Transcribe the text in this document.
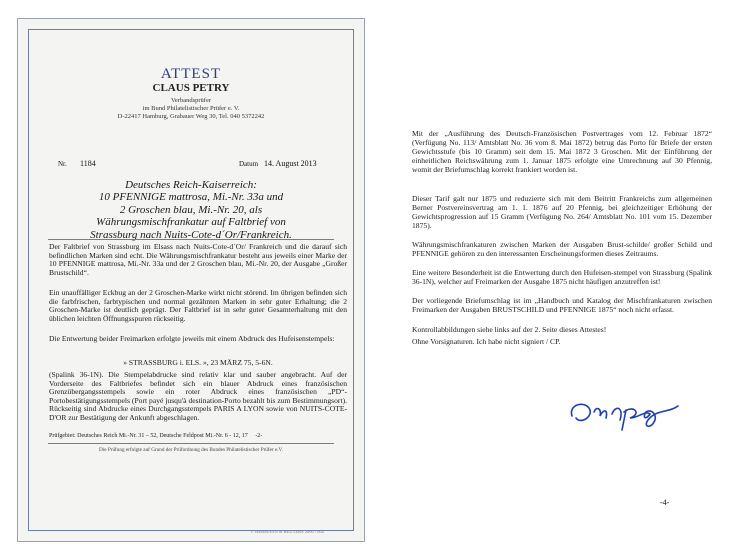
ATTEST
CLAUS PETRY
Verbandsprüfer
im Bund Philatelistischer Prüfer e. V.
D-22417 Hamburg, Grabauer Weg 30, Tel. 040 5372242
Nr. 1184	Datum 14. August 2013
Deutsches Reich-Kaiserreich:
10 PFENNIGE mattrosa, Mi.-Nr. 33a und
2 Groschen blau, Mi.-Nr. 20, als
Währungsmischfrankatur auf Faltbrief von
Strassburg nach Nuits-Cote-d´Or/Frankreich.
Der Faltbrief von Strassburg im Elsass nach Nuits-Cote-d´Or/ Frankreich und die darauf sich befindlichen Marken sind echt. Die Währungsmischfrankatur besteht aus jeweils einer Marke der 10 PFENNIGE mattrosa, Mi.-Nr. 33a und der 2 Groschen blau, Mi.-Nr. 20, der Ausgabe „Großer Brustschild“.
Ein unauffälliger Eckbug an der 2 Groschen-Marke wirkt nicht störend. Im übrigen befinden sich die farbfrischen, farbtypischen und normal gezähnten Marken in sehr guter Erhaltung; die 2 Groschen-Marke ist deutlich geprägt. Der Faltbrief ist in sehr guter Gesamterhaltung mit den üblichen leichten Öffnungsspuren rückseitig.
Die Entwertung beider Freimarken erfolgte jeweils mit einem Abdruck des Hufeisenstempels:
» STRASSBURG i. ELS. », 23 MÄRZ 75, 5-6N.
(Spalink 36-1N). Die Stempelabdrucke sind relativ klar und sauber angebracht. Auf der Vorderseite des Faltbriefes befindet sich ein blauer Abdruck eines französischen Grenzübergangsstempels sowie ein roter Abdruck eines französischen „PD“-Portobestätigungsstempels (Port payé jusqu'à destination-Porto bezahlt bis zum Bestimmungsort). Rückseitig sind Abdrucke eines Durchgangsstempels PARIS A LYON sowie von NUITS-COTE-D'OR zur Bestätigung der Ankunft abgeschlagen.
Prüfgebiet: Deutsches Reich Mi.-Nr. 31 – 52, Deutsche Feldpost Mi.-Nr. 6 - 12, 17 -2-
Die Prüfung erfolgte auf Grund der Prüfordnung des Bundes Philatelistischer Prüfer e.V.
© HERMANN & REUTERS 2000 / 002
Mit der „Ausführung des Deutsch-Französischen Postvertrages vom 12. Februar 1872“ (Verfügung No. 113/ Amtsblatt No. 36 vom 8. Mai 1872) betrug das Porto für Briefe der ersten Gewichtsstufe (bis 10 Gramm) seit dem 15. Mai 1872 3 Groschen. Mit der Einführung der einheitlichen Reichswährung zum 1. Januar 1875 erfolgte eine Umrechnung auf 30 Pfennig, womit der Briefumschlag korrekt frankiert worden ist.
Dieser Tarif galt nur 1875 und reduzierte sich mit dem Beitritt Frankreichs zum allgemeinen Berner Postvereinsvertrag am 1. 1. 1876 auf 20 Pfennig, bei gleichzeitiger Erhöhung der Gewichtsprogression auf 15 Gramm (Verfügung No. 264/ Amtsblatt No. 101 vom 15. Dezember 1875).
Währungsmischfrankaturen zwischen Marken der Ausgaben Brust-schilde/ großer Schild und PFENNIGE gehören zu den interessanten Erscheinungsformen dieses Zeitraums.
Eine weitere Besonderheit ist die Entwertung durch den Hufeisen-stempel von Strassburg (Spalink 36-1N), welcher auf Freimarken der Ausgabe 1875 nicht häufigen anzutreffen ist!
Der vorliegende Briefumschlag ist im „Handbuch und Katalog der Mischfrankaturen zwischen Freimarken der Ausgaben BRUSTSCHILD und PFENNIGE 1875“ noch nicht erfasst.
Kontrollabbildungen siehe links auf der 2. Seite dieses Attestes!
Ohne Vorsignaturen. Ich habe nicht signiert / CP.
-4-
